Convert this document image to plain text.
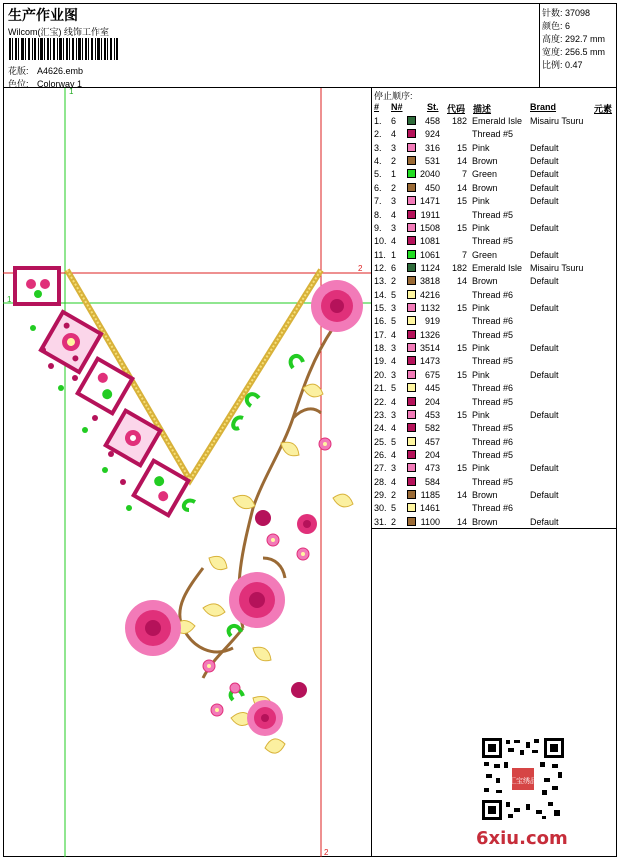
生产作业图
Wilcom(汇宝) 线饰工作室
花版: A4626.emb
色位: Colorway 1
针数: 37098
颜色: 6
高度: 292.7 mm
宽度: 256.5 mm
比例: 0.47
1
1
2
2
停止顺序:
# N#	St. 代码 描述	Brand	元素
1. 6	458 182 Emerald Isle Misairu Tsuru
2. 4	924	Thread #5
3. 3	316 15 Pink	Default
4. 2	531 14 Brown	Default
5. 1	2040 7 Green	Default
6. 2	450 14 Brown	Default
7. 3	1471 15 Pink	Default
8. 4	1911	Thread #5
9. 3	1508 15 Pink	Default
10. 4	1081	Thread #5
11. 1	1061 7 Green	Default
12. 6	1124 182 Emerald Isle Misairu Tsuru
13. 2	3818 14 Brown	Default
14. 5	4216	Thread #6
15. 3	1132 15 Pink	Default
16. 5	919	Thread #6
17. 4	1326	Thread #5
18. 3	3514 15 Pink	Default
19. 4	1473	Thread #5
20. 3	675 15 Pink	Default
21. 5	445	Thread #6
22. 4	204	Thread #5
23. 3	453 15 Pink	Default
24. 4	582	Thread #5
25. 5	457	Thread #6
26. 4	204	Thread #5
27. 3	473 15 Pink	Default
28. 4	584	Thread #5
29. 2	1185 14 Brown	Default
30. 5	1461	Thread #6
31. 2	1100 14 Brown	Default
汇宝绣品
6xiu.com
